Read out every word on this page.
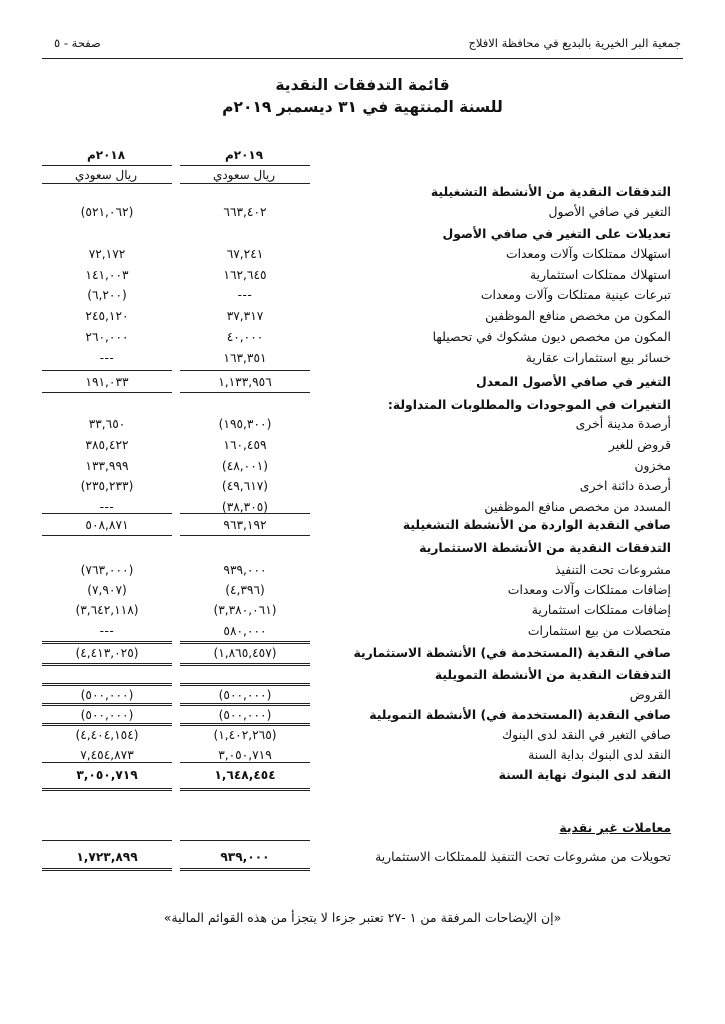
جمعية البر الخيرية بالبديع في محافظة الافلاج
صفحة - ٥
قائمة التدفقات النقدية
للسنة المنتهية في ٣١ ديسمبر ٢٠١٩م
٢٠١٩م
٢٠١٨م
ريال سعودي
ريال سعودي
التدفقات النقدية من الأنشطة التشغيلية
التغير في صافي الأصول
٦٦٣,٤٠٢
(٥٢١,٠٦٢)
تعديلات على التغير في صافي الأصول
استهلاك ممتلكات وآلات ومعدات
٦٧,٢٤١
٧٢,١٧٢
استهلاك ممتلكات استثمارية
١٦٢,٦٤٥
١٤١,٠٠٣
تبرعات عينية ممتلكات وآلات ومعدات
---
(٦,٢٠٠)
المكون من مخصص منافع الموظفين
٣٧,٣١٧
٢٤٥,١٢٠
المكون من مخصص ديون مشكوك في تحصيلها
٤٠,٠٠٠
٢٦٠,٠٠٠
خسائر بيع استثمارات عقارية
١٦٣,٣٥١
---
التغير في صافي الأصول المعدل
١,١٣٣,٩٥٦
١٩١,٠٣٣
التغيرات في الموجودات والمطلوبات المتداولة:
أرصدة مدينة أخرى
(١٩٥,٣٠٠)
٣٣,٦٥٠
قروض للغير
١٦٠,٤٥٩
٣٨٥,٤٢٢
مخزون
(٤٨,٠٠١)
١٣٣,٩٩٩
أرصدة دائنة اخرى
(٤٩,٦١٧)
(٢٣٥,٢٣٣)
المسدد من مخصص منافع الموظفين
(٣٨,٣٠٥)
---
صافي النقدية الواردة من الأنشطة التشغيلية
٩٦٣,١٩٢
٥٠٨,٨٧١
التدفقات النقدية من الأنشطة الاستثمارية
مشروعات تحت التنفيذ
٩٣٩,٠٠٠
(٧٦٣,٠٠٠)
إضافات ممتلكات وآلات ومعدات
(٤,٣٩٦)
(٧,٩٠٧)
إضافات ممتلكات استثمارية
(٣,٣٨٠,٠٦١)
(٣,٦٤٢,١١٨)
متحصلات من بيع استثمارات
٥٨٠,٠٠٠
---
صافي النقدية (المستخدمة في) الأنشطة الاستثمارية
(١,٨٦٥,٤٥٧)
(٤,٤١٣,٠٢٥)
التدفقات النقدية من الأنشطة التمويلية
القروض
(٥٠٠,٠٠٠)
(٥٠٠,٠٠٠)
صافي النقدية (المستخدمة في) الأنشطة التمويلية
(٥٠٠,٠٠٠)
(٥٠٠,٠٠٠)
صافي التغير في النقد لدى البنوك
(١,٤٠٢,٢٦٥)
(٤,٤٠٤,١٥٤)
النقد لدى البنوك بداية السنة
٣,٠٥٠,٧١٩
٧,٤٥٤,٨٧٣
النقد لدى البنوك نهاية السنة
١,٦٤٨,٤٥٤
٣,٠٥٠,٧١٩
معاملات غير نقدية
تحويلات من مشروعات تحت التنفيذ للممتلكات الاستثمارية
٩٣٩,٠٠٠
١,٧٢٣,٨٩٩
«إن الإيضاحات المرفقة من ١ -٢٧ تعتبر جزءا لا يتجزأ من هذه القوائم المالية»
